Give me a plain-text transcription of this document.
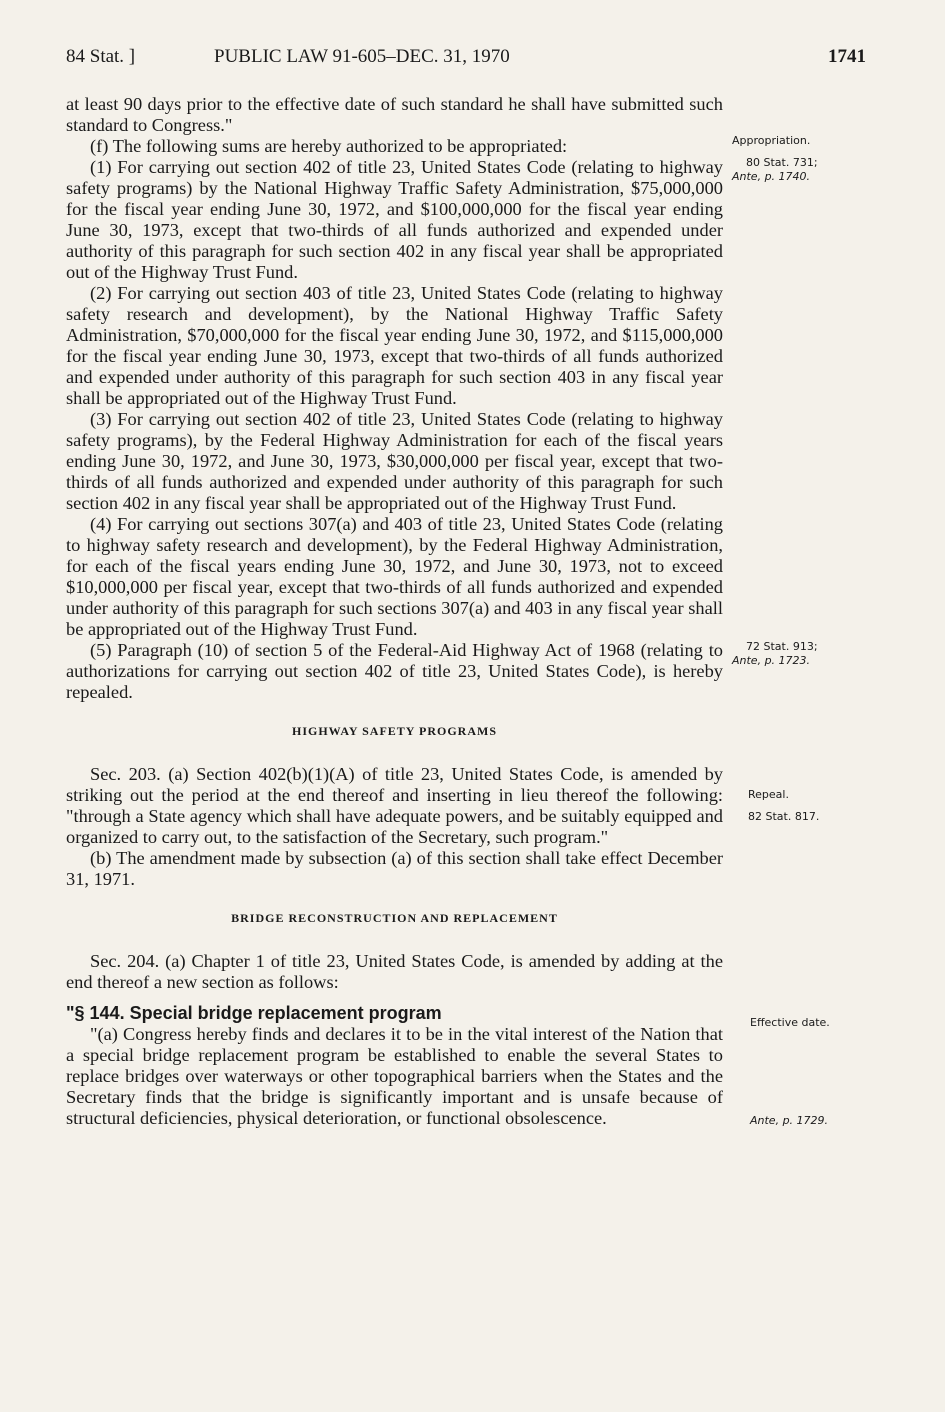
84 Stat. ]	PUBLIC LAW 91-605–DEC. 31, 1970	1741

at least 90 days prior to the effective date of such standard he shall have submitted such standard to Congress."

(f) The following sums are hereby authorized to be appropriated:

(1) For carrying out section 402 of title 23, United States Code (relating to highway safety programs) by the National Highway Traffic Safety Administration, $75,000,000 for the fiscal year ending June 30, 1972, and $100,000,000 for the fiscal year ending June 30, 1973, except that two-thirds of all funds authorized and expended under authority of this paragraph for such section 402 in any fiscal year shall be appropriated out of the Highway Trust Fund.

(2) For carrying out section 403 of title 23, United States Code (relating to highway safety research and development), by the National Highway Traffic Safety Administration, $70,000,000 for the fiscal year ending June 30, 1972, and $115,000,000 for the fiscal year ending June 30, 1973, except that two-thirds of all funds authorized and expended under authority of this paragraph for such section 403 in any fiscal year shall be appropriated out of the Highway Trust Fund.

(3) For carrying out section 402 of title 23, United States Code (relating to highway safety programs), by the Federal Highway Administration for each of the fiscal years ending June 30, 1972, and June 30, 1973, $30,000,000 per fiscal year, except that two-thirds of all funds authorized and expended under authority of this paragraph for such section 402 in any fiscal year shall be appropriated out of the Highway Trust Fund.

(4) For carrying out sections 307(a) and 403 of title 23, United States Code (relating to highway safety research and development), by the Federal Highway Administration, for each of the fiscal years ending June 30, 1972, and June 30, 1973, not to exceed $10,000,000 per fiscal year, except that two-thirds of all funds authorized and expended under authority of this paragraph for such sections 307(a) and 403 in any fiscal year shall be appropriated out of the Highway Trust Fund.

(5) Paragraph (10) of section 5 of the Federal-Aid Highway Act of 1968 (relating to authorizations for carrying out section 402 of title 23, United States Code), is hereby repealed.

HIGHWAY SAFETY PROGRAMS

Sec. 203. (a) Section 402(b)(1)(A) of title 23, United States Code, is amended by striking out the period at the end thereof and inserting in lieu thereof the following: "through a State agency which shall have adequate powers, and be suitably equipped and organized to carry out, to the satisfaction of the Secretary, such program."

(b) The amendment made by subsection (a) of this section shall take effect December 31, 1971.

BRIDGE RECONSTRUCTION AND REPLACEMENT

Sec. 204. (a) Chapter 1 of title 23, United States Code, is amended by adding at the end thereof a new section as follows:

"§ 144. Special bridge replacement program

"(a) Congress hereby finds and declares it to be in the vital interest of the Nation that a special bridge replacement program be established to enable the several States to replace bridges over waterways or other topographical barriers when the States and the Secretary finds that the bridge is significantly important and is unsafe because of structural deficiencies, physical deterioration, or functional obsolescence.

Appropriation.
80 Stat. 731;
Ante, p. 1740.
72 Stat. 913;
Ante, p. 1723.
Repeal.
82 Stat. 817.
Effective date.
Ante, p. 1729.
